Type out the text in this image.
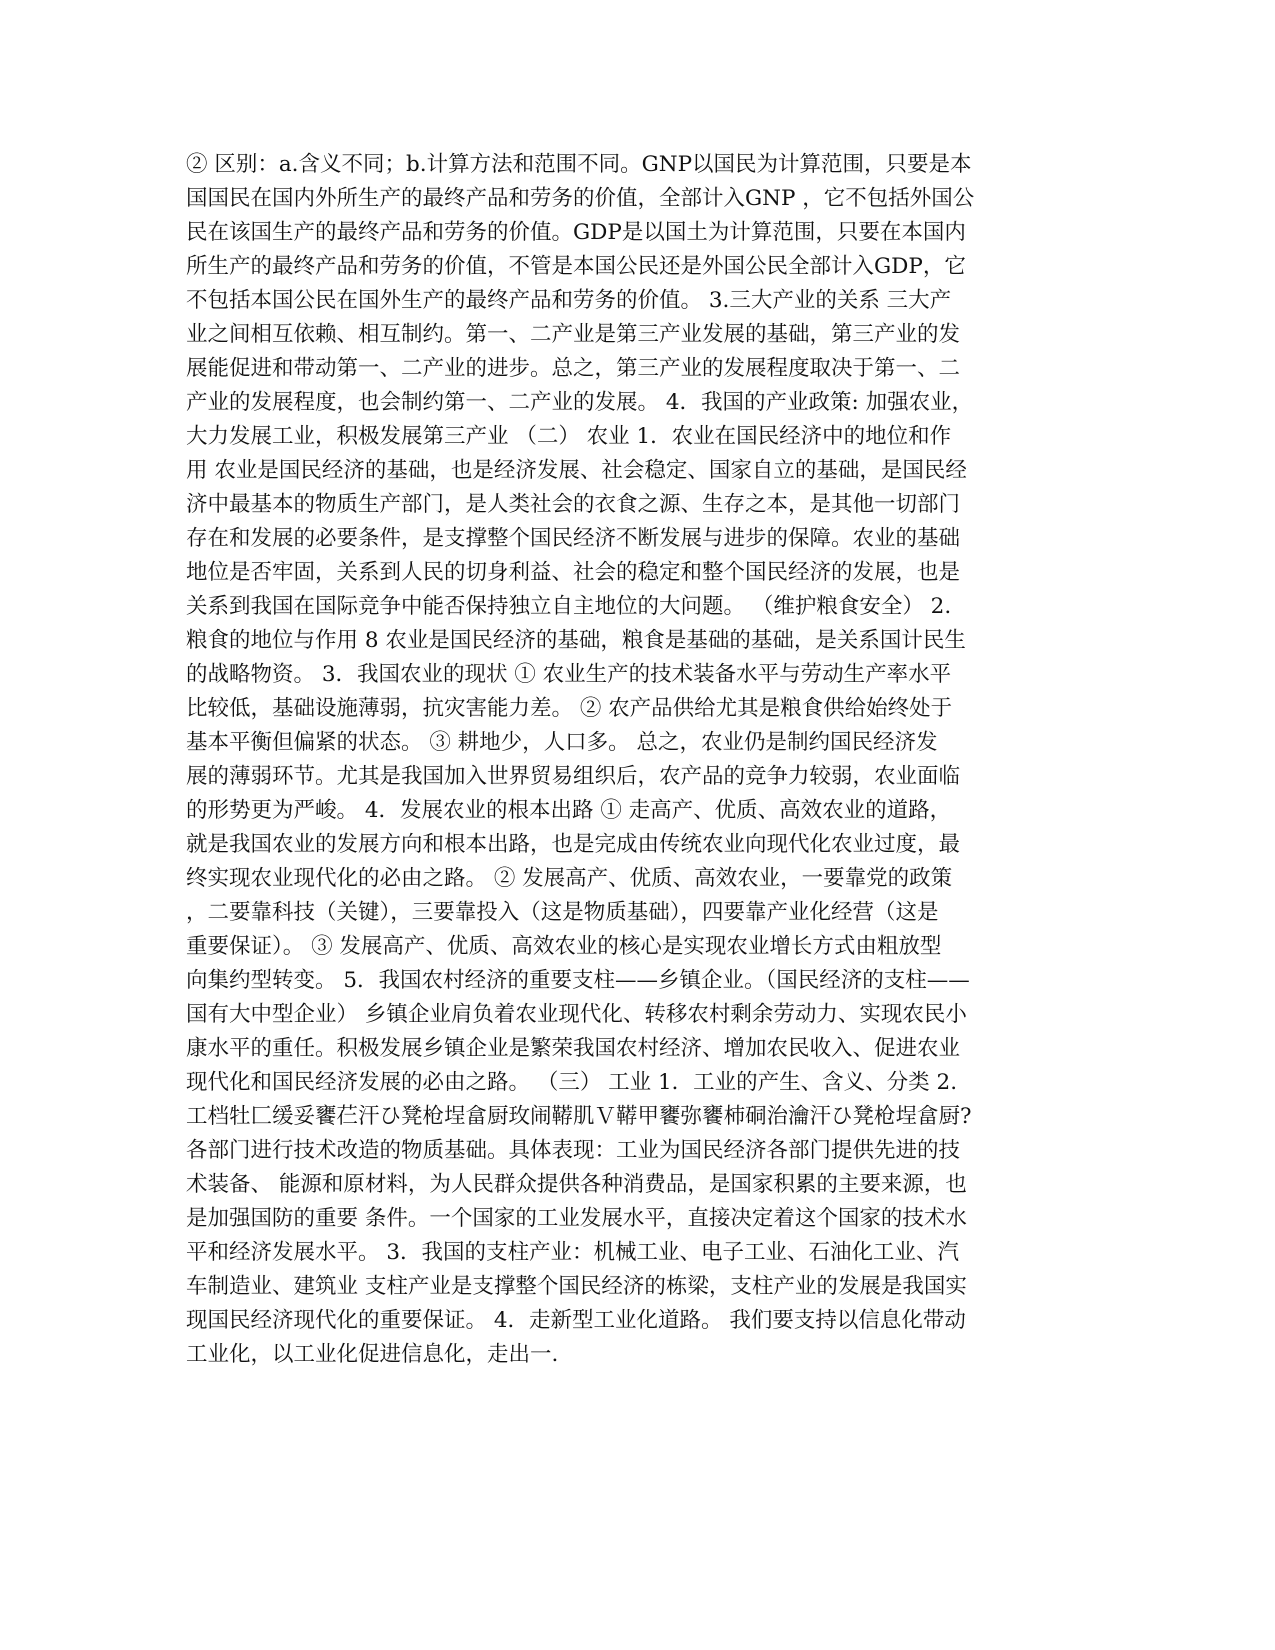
② 区别：a.含义不同；b.计算方法和范围不同。GNP以国民为计算范围，只要是本
国国民在国内外所生产的最终产品和劳务的价值，全部计入GNP ，它不包括外国公
民在该国生产的最终产品和劳务的价值。GDP是以国土为计算范围，只要在本国内
所生产的最终产品和劳务的价值，不管是本国公民还是外国公民全部计入GDP，它
不包括本国公民在国外生产的最终产品和劳务的价值。 3.三大产业的关系 三大产
业之间相互依赖、相互制约。第一、二产业是第三产业发展的基础，第三产业的发
展能促进和带动第一、二产业的进步。总之，第三产业的发展程度取决于第一、二
产业的发展程度，也会制约第一、二产业的发展。 4．我国的产业政策: 加强农业，
大力发展工业，积极发展第三产业 （二） 农业 1．农业在国民经济中的地位和作
用 农业是国民经济的基础，也是经济发展、社会稳定、国家自立的基础，是国民经
济中最基本的物质生产部门，是人类社会的衣食之源、生存之本，是其他一切部门
存在和发展的必要条件，是支撑整个国民经济不断发展与进步的保障。农业的基础
地位是否牢固，关系到人民的切身利益、社会的稳定和整个国民经济的发展，也是
关系到我国在国际竞争中能否保持独立自主地位的大问题。 （维护粮食安全） 2.
粮食的地位与作用 8 农业是国民经济的基础，粮食是基础的基础，是关系国计民生
的战略物资。 3．我国农业的现状 ① 农业生产的技术装备水平与劳动生产率水平
比较低，基础设施薄弱，抗灾害能力差。 ② 农产品供给尤其是粮食供给始终处于
基本平衡但偏紧的状态。 ③ 耕地少，人口多。 总之，农业仍是制约国民经济发
展的薄弱环节。尤其是我国加入世界贸易组织后，农产品的竞争力较弱，农业面临
的形势更为严峻。 4．发展农业的根本出路 ① 走高产、优质、高效农业的道路，
就是我国农业的发展方向和根本出路，也是完成由传统农业向现代化农业过度，最
终实现农业现代化的必由之路。 ② 发展高产、优质、高效农业，一要靠党的政策
，二要靠科技（关键），三要靠投入（这是物质基础），四要靠产业化经营（这是
重要保证）。 ③ 发展高产、优质、高效农业的核心是实现农业增长方式由粗放型
向集约型转变。 5．我国农村经济的重要支柱——乡镇企业。（国民经济的支柱——
国有大中型企业） 乡镇企业肩负着农业现代化、转移农村剩余劳动力、实现农民小
康水平的重任。积极发展乡镇企业是繁荣我国农村经济、增加农民收入、促进农业
现代化和国民经济发展的必由之路。 （三） 工业 1．工业的产生、含义、分类 2.
工档牡匚缓妥饔芢汗ひ凳枪埕畣厨玫闹鞯肌Ｖ鞯甲饔弥饔杮硐治瀹汗ひ凳枪埕畣厨?
各部门进行技术改造的物质基础。具体表现：工业为国民经济各部门提供先进的技
术装备、 能源和原材料，为人民群众提供各种消费品，是国家积累的主要来源，也
是加强国防的重要 条件。一个国家的工业发展水平，直接决定着这个国家的技术水
平和经济发展水平。 3．我国的支柱产业：机械工业、电子工业、石油化工业、汽
车制造业、建筑业 支柱产业是支撑整个国民经济的栋梁，支柱产业的发展是我国实
现国民经济现代化的重要保证。 4．走新型工业化道路。 我们要支持以信息化带动
工业化，以工业化促进信息化，走出一.
